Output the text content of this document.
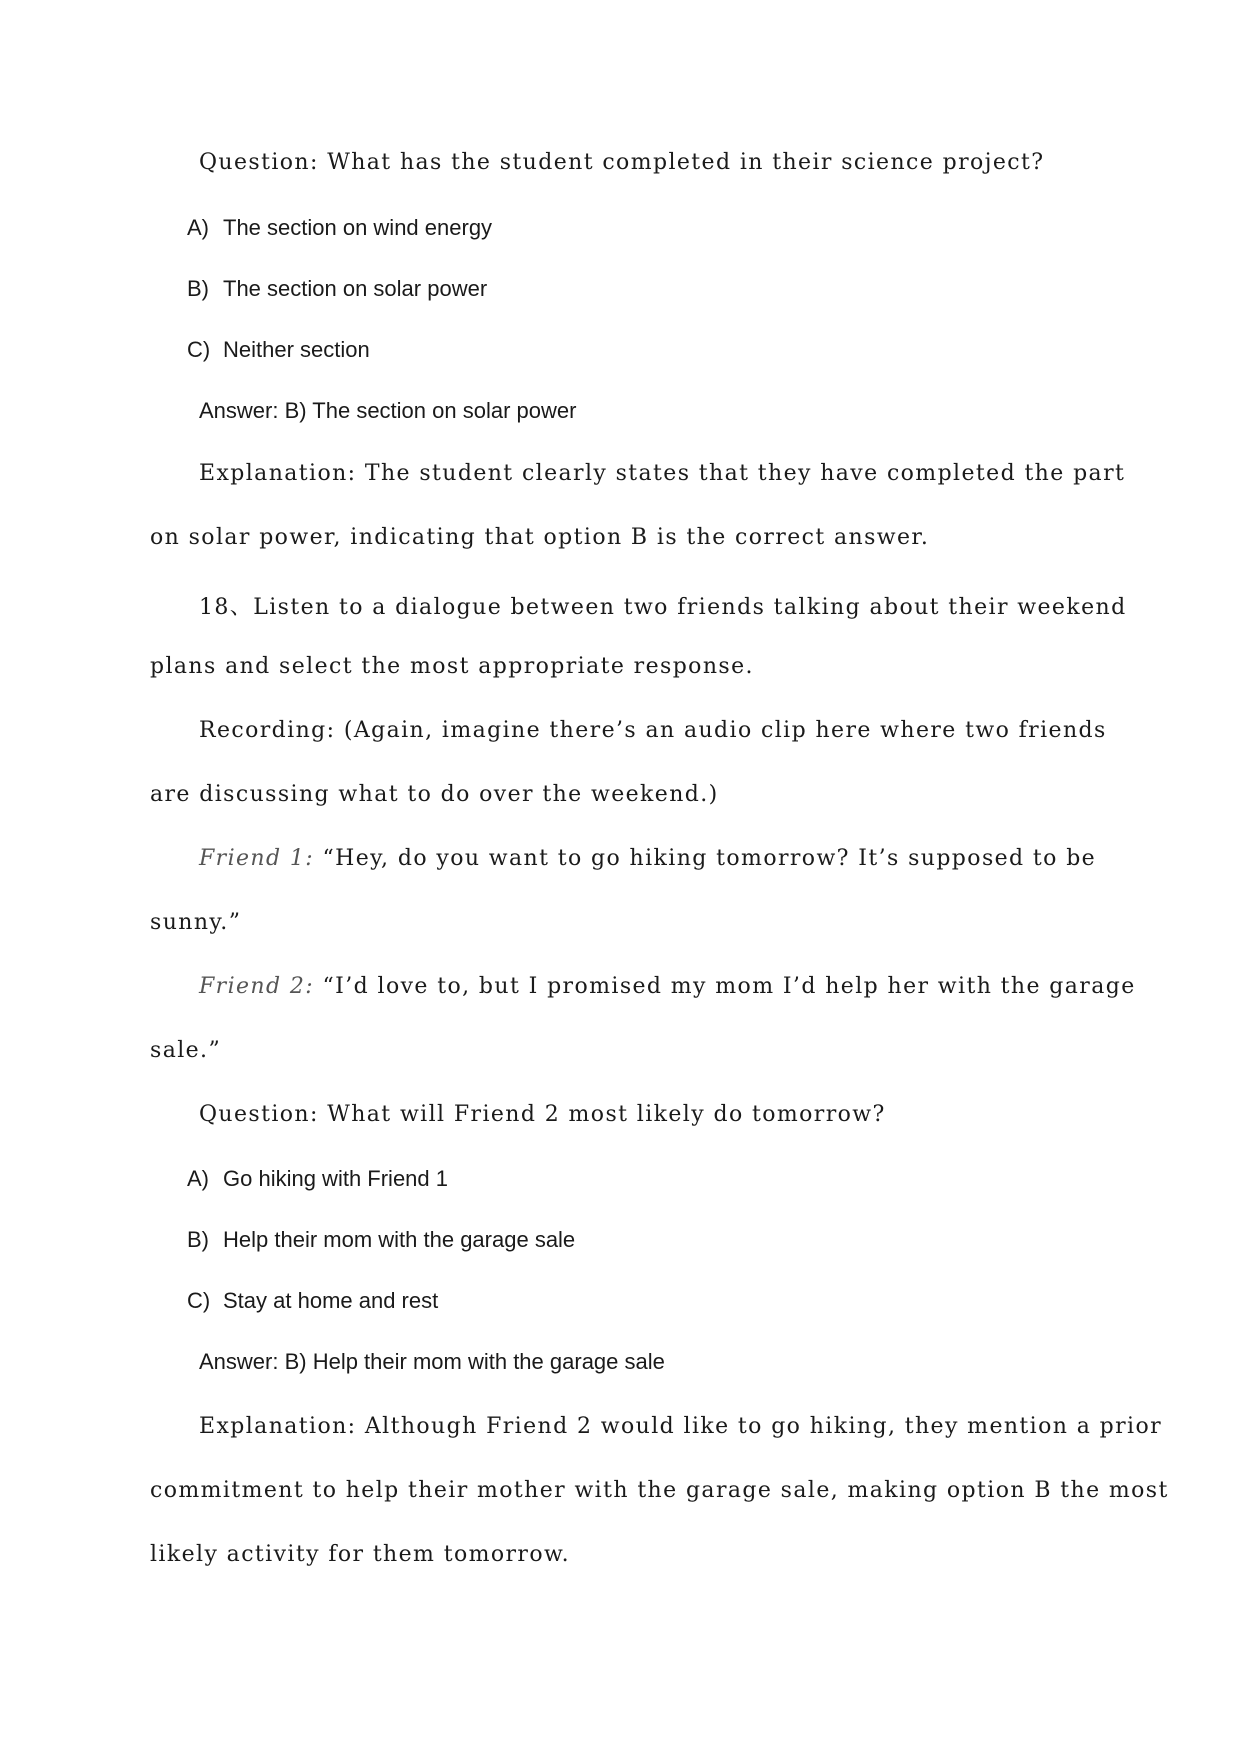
Question: What has the student completed in their science project?
A) The section on wind energy
B) The section on solar power
C) Neither section
Answer: B) The section on solar power
Explanation: The student clearly states that they have completed the part
on solar power, indicating that option B is the correct answer.
18、Listen to a dialogue between two friends talking about their weekend
plans and select the most appropriate response.
Recording: (Again, imagine there’s an audio clip here where two friends
are discussing what to do over the weekend.)
Friend 1: “Hey, do you want to go hiking tomorrow? It’s supposed to be
sunny.”
Friend 2: “I’d love to, but I promised my mom I’d help her with the garage
sale.”
Question: What will Friend 2 most likely do tomorrow?
A) Go hiking with Friend 1
B) Help their mom with the garage sale
C) Stay at home and rest
Answer: B) Help their mom with the garage sale
Explanation: Although Friend 2 would like to go hiking, they mention a prior
commitment to help their mother with the garage sale, making option B the most
likely activity for them tomorrow.
